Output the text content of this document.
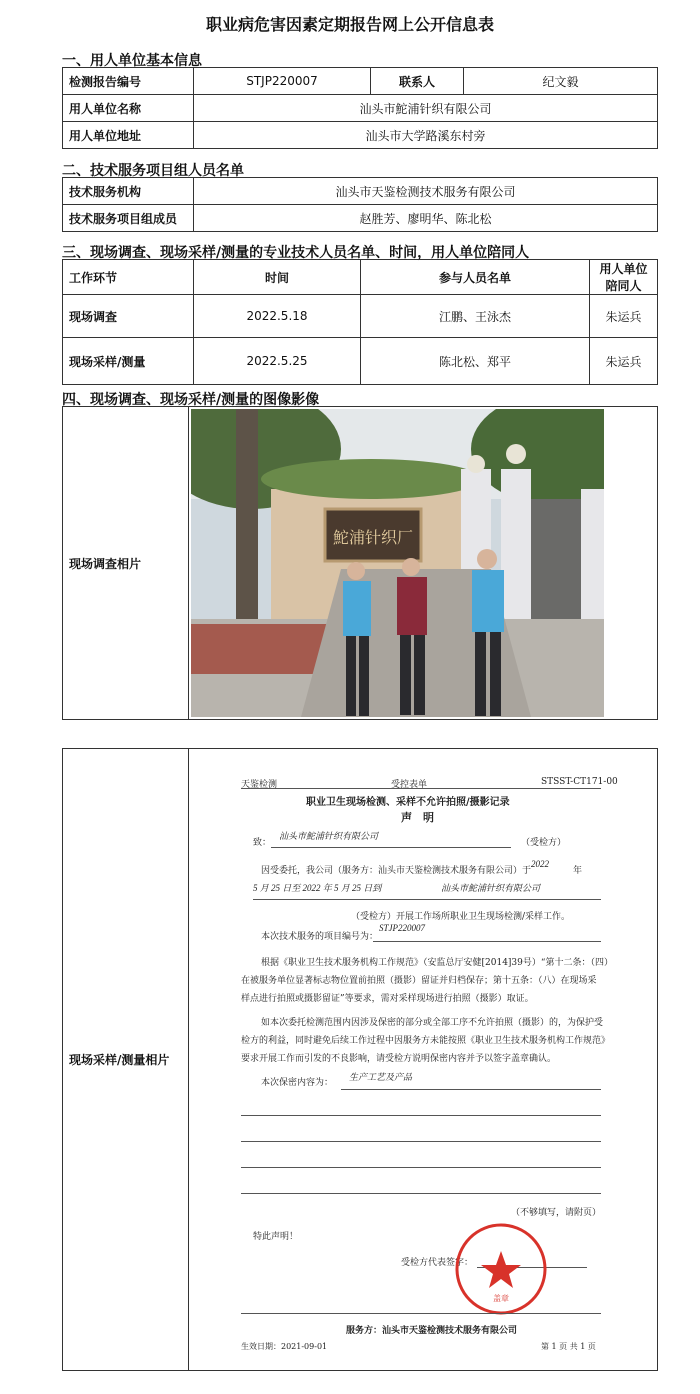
职业病危害因素定期报告网上公开信息表
一、用人单位基本信息
检测报告编号	STJP220007	联系人	纪文毅
用人单位名称	汕头市鮀浦针织有限公司		
用人单位地址	汕头市大学路溪东村旁		
二、技术服务项目组人员名单
技术服务机构	汕头市天鉴检测技术服务有限公司
技术服务项目组成员	赵胜芳、廖明华、陈北松
三、现场调查、现场采样/测量的专业技术人员名单、时间，用人单位陪同人
工作环节	时间	参与人员名单	用人单位陪同人
现场调查	2022.5.18	江鹏、王泳杰	朱运兵
现场采样/测量	2022.5.25	陈北松、郑平	朱运兵
四、现场调查、现场采样/测量的图像影像
现场调查相片
鮀浦针织厂
现场采样/测量相片
天鉴检测	受控表单	STSST-CT171-00
职业卫生现场检测、采样不允许拍照/摄影记录
声　明
致：
汕头市鮀浦针织有限公司
（受检方）
因受委托，我公司（服务方：汕头市天鉴检测技术服务有限公司）于
2022
年
5 月 25 日至 2022 年 5 月 25 日到	汕头市鮀浦针织有限公司
（受检方）开展工作场所职业卫生现场检测/采样工作。
本次技术服务的项目编号为：
STJP220007
根据《职业卫生技术服务机构工作规范》（安监总厅安健[2014]39号）“第十二条：（四）
在被服务单位显著标志物位置前拍照（摄影）留证并归档保存；第十五条：（八）在现场采
样点进行拍照或摄影留证”等要求，需对采样现场进行拍照（摄影）取证。
如本次委托检测范围内因涉及保密的部分或全部工序不允许拍照（摄影）的，为保护受
检方的利益，同时避免后续工作过程中因服务方未能按照《职业卫生技术服务机构工作规范》
要求开展工作而引发的不良影响，请受检方说明保密内容并予以签字盖章确认。
本次保密内容为：
生产工艺及产品
（不够填写，请附页）
特此声明！
受检方代表签字：
盖章
服务方：汕头市天鉴检测技术服务有限公司
生效日期：2021-09-01	第 1 页 共 1 页
